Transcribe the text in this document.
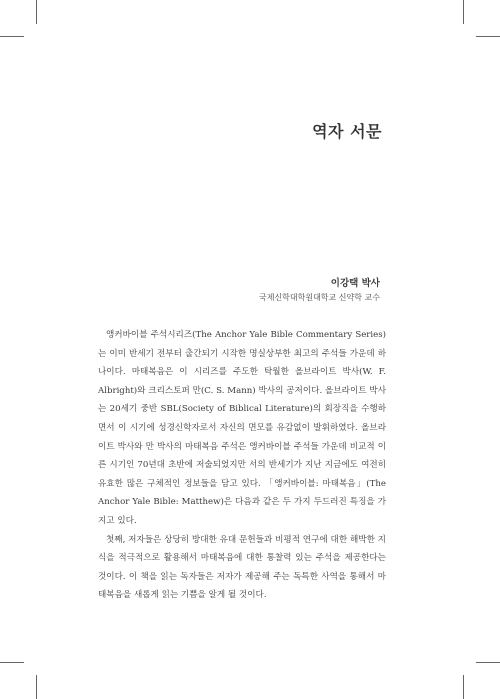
역자 서문
이강택 박사
국제신학대학원대학교 신약학 교수

앵커바이블 주석시리즈(The Anchor Yale Bible Commentary Series)는 이미 반세기 전부터 출간되기 시작한 명실상부한 최고의 주석들 가운데 하나이다. 마태복음은 이 시리즈를 주도한 탁월한 올브라이트 박사(W. F. Albright)와 크리스토퍼 만(C. S. Mann) 박사의 공저이다. 올브라이트 박사는 20세기 중반 SBL(Society of Biblical Literature)의 회장직을 수행하면서 이 시기에 성경신학자로서 자신의 면모를 유감없이 발휘하였다. 올브라이트 박사와 만 박사의 마태복음 주석은 앵커바이블 주석들 가운데 비교적 이른 시기인 70년대 초반에 저술되었지만 서의 반세기가 지난 지금에도 여전히 유효한 많은 구체적인 정보들을 담고 있다. 「앵커바이블: 마태복음」(The Anchor Yale Bible: Matthew)은 다음과 같은 두 가지 두드러진 특징을 가지고 있다.

첫째, 저자들은 상당히 방대한 유대 문헌들과 비평적 연구에 대한 해박한 지식을 적극적으로 활용해서 마태복음에 대한 통찰력 있는 주석을 제공한다는 것이다. 이 책을 읽는 독자들은 저자가 제공해 주는 독특한 사역을 통해서 마태복음을 새롭게 읽는 기쁨을 알게 될 것이다.
